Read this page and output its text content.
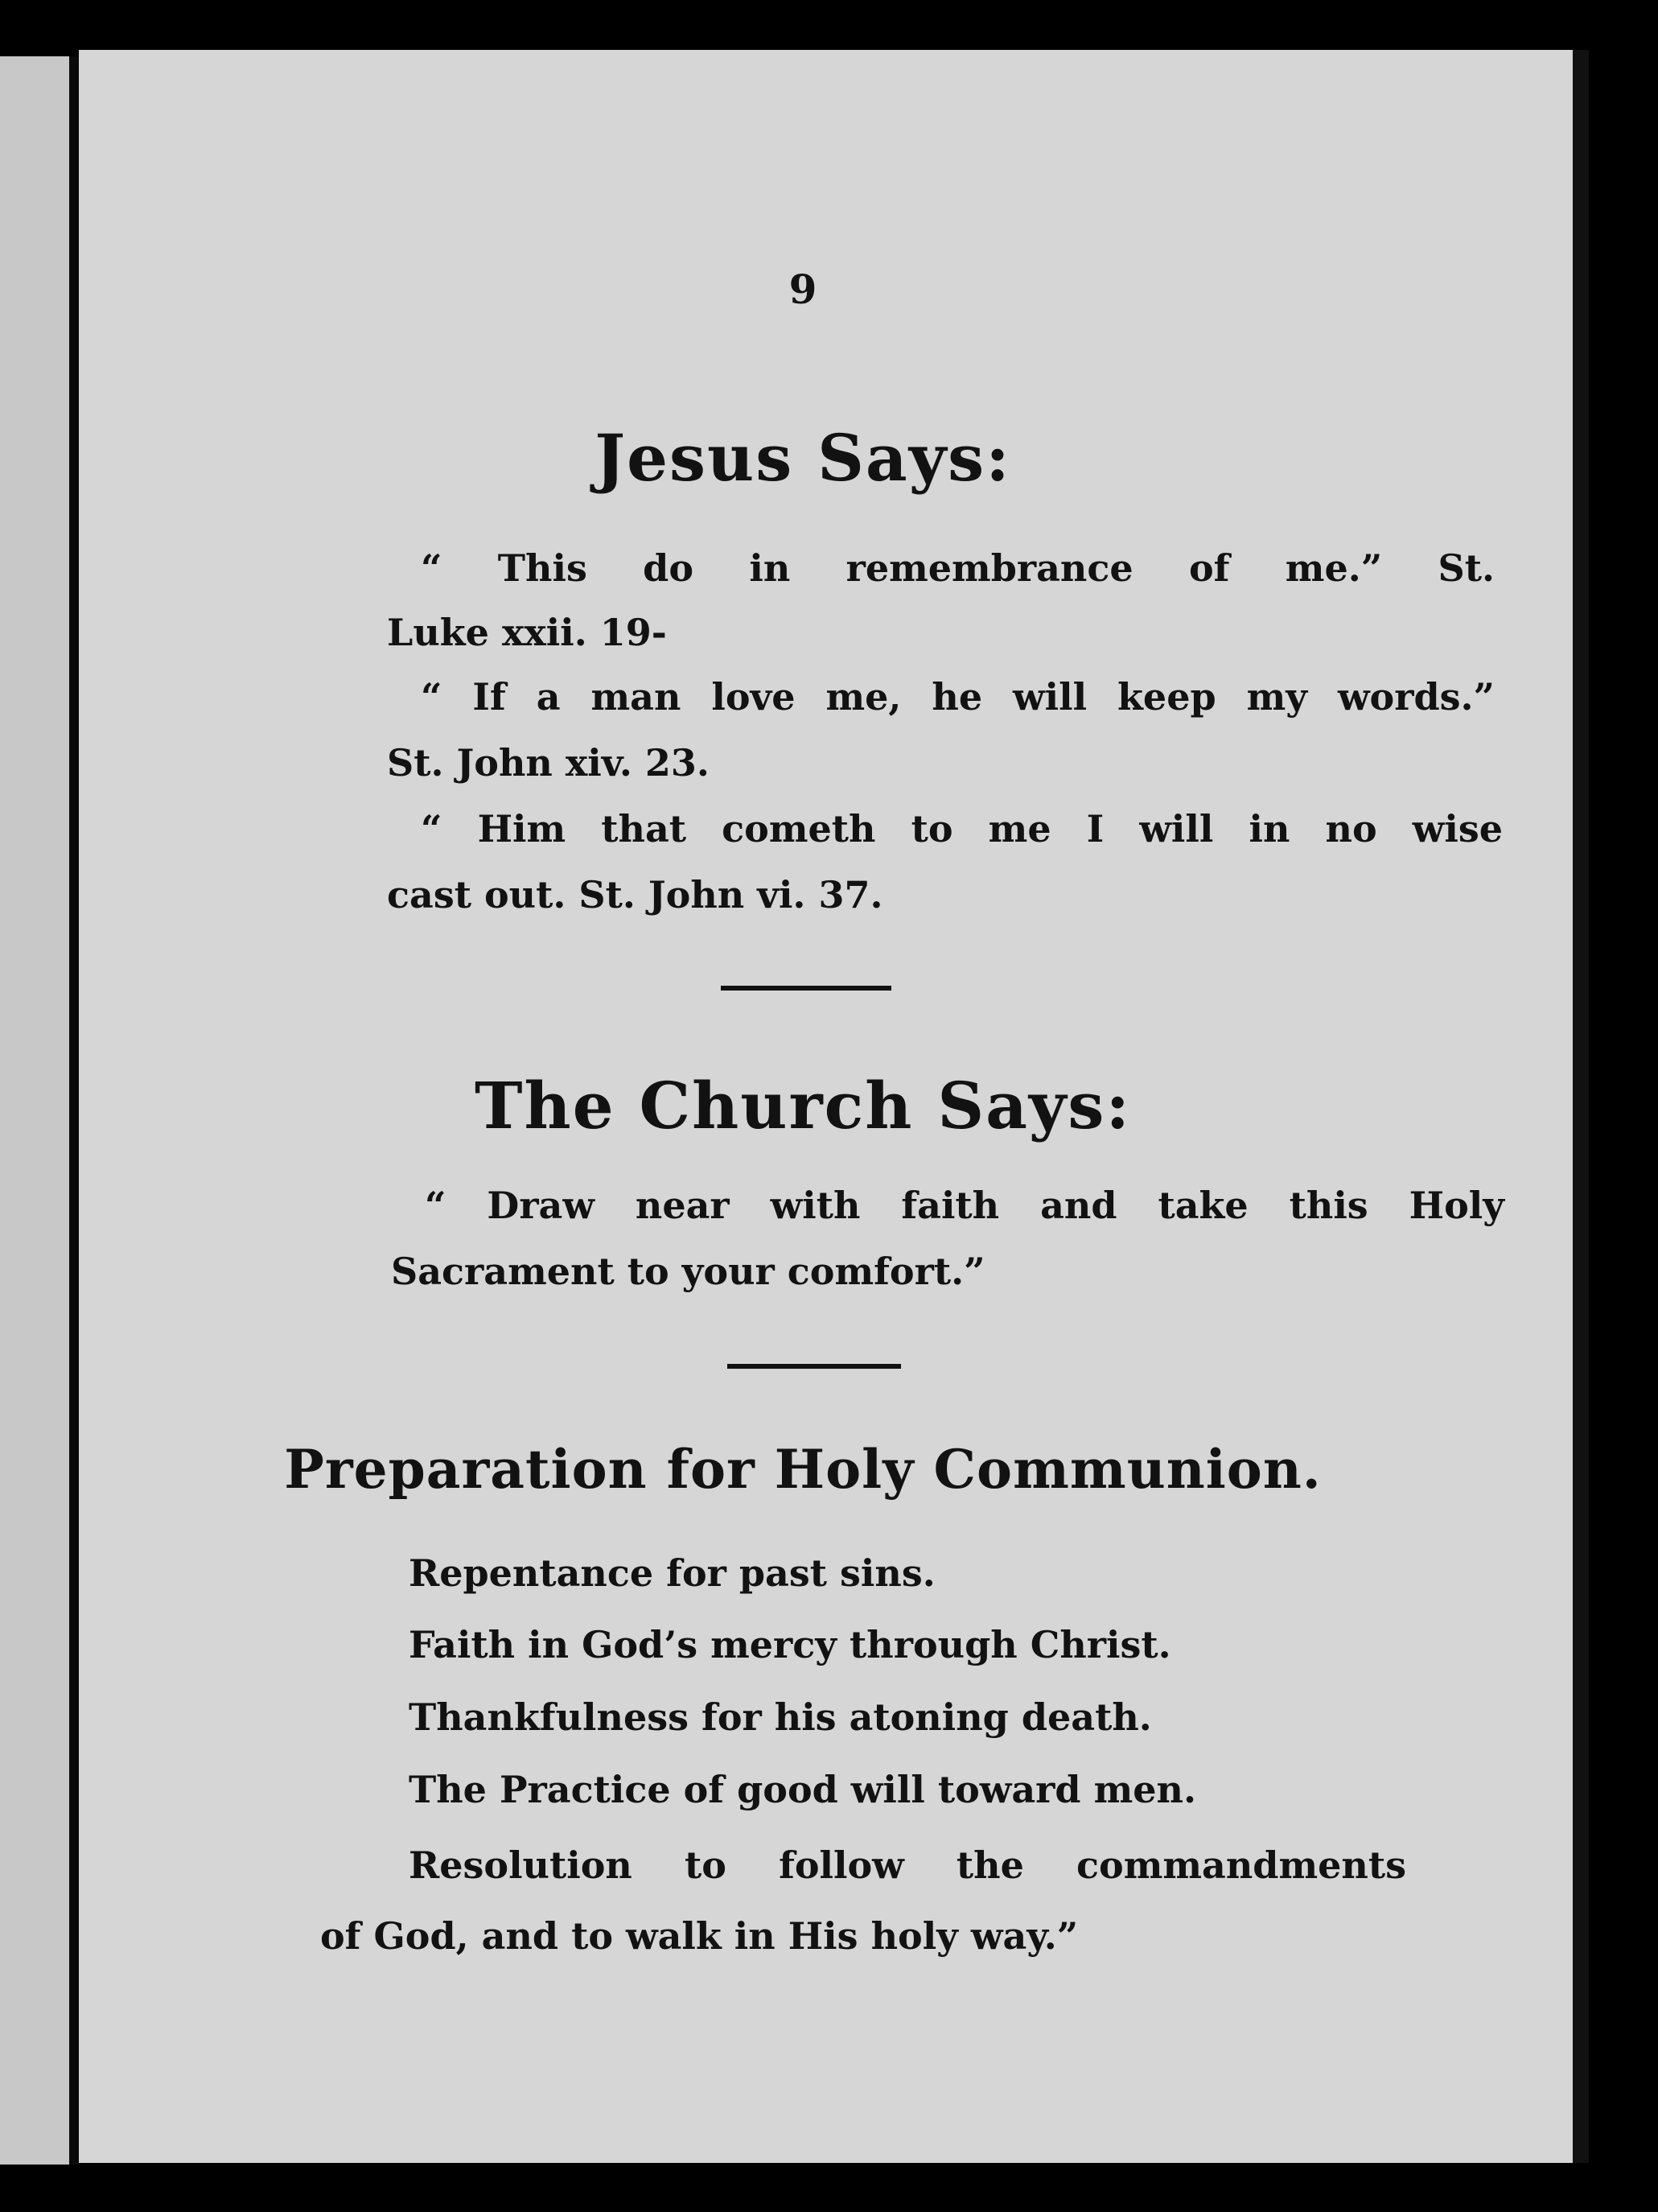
9
Jesus Says:
“ This do in remembrance of me.” St.
Luke xxii. 19-
“ If a man love me, he will keep my words.”
St. John xiv. 23.
“ Him that cometh to me I will in no wise
cast out. St. John vi. 37.
The Church Says:
“ Draw near with faith and take this Holy
Sacrament to your comfort.”
Preparation for Holy Communion.
Repentance for past sins.
Faith in God’s mercy through Christ.
Thankfulness for his atoning death.
The Practice of good will toward men.
Resolution to follow the commandments
of God, and to walk in His holy way.”
